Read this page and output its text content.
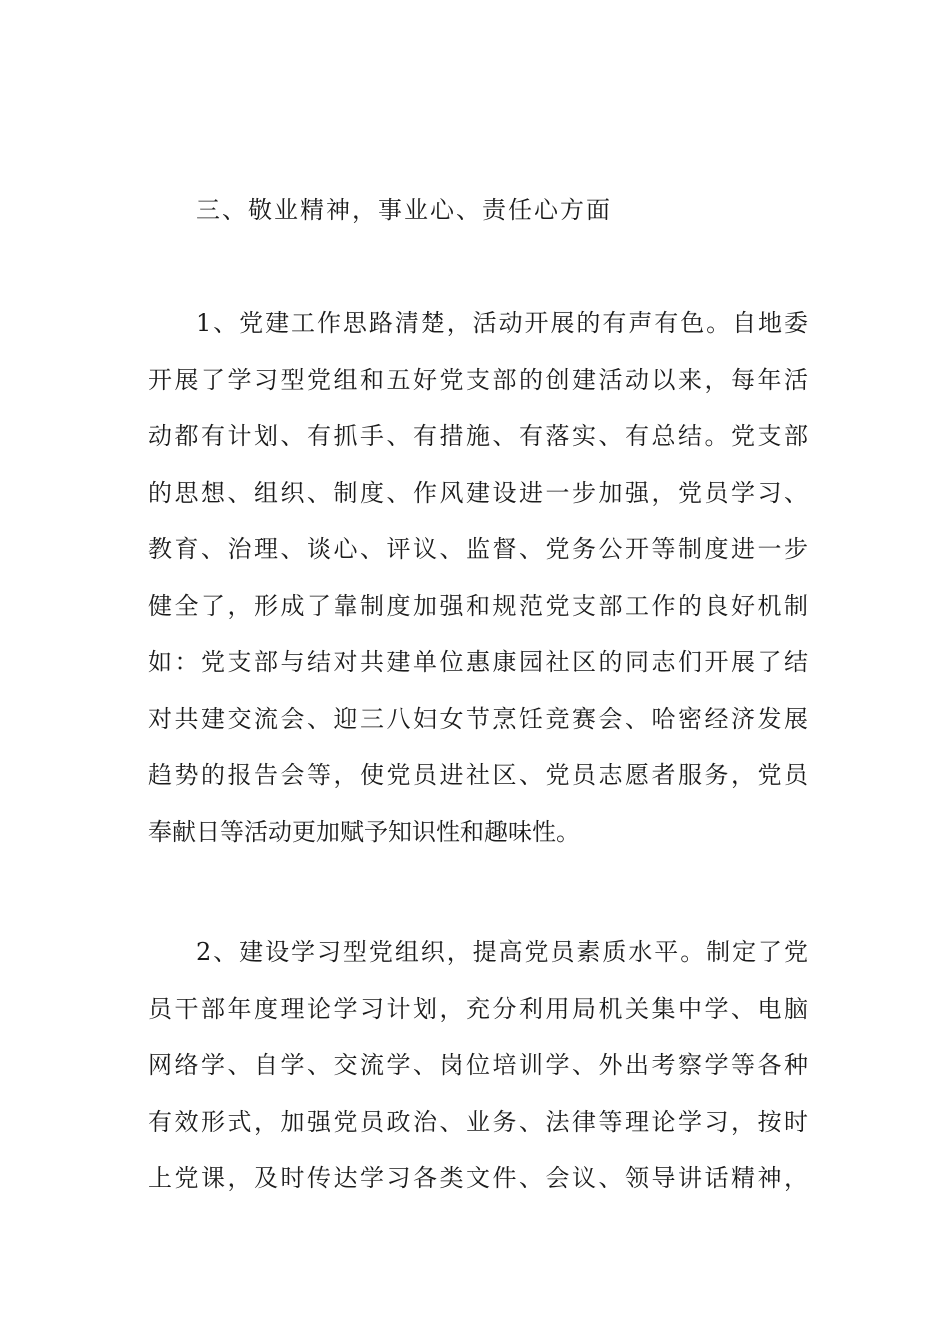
三、敬业精神，事业心、责任心方面
1、党建工作思路清楚，活动开展的有声有色。自地委
开展了学习型党组和五好党支部的创建活动以来，每年活
动都有计划、有抓手、有措施、有落实、有总结。党支部
的思想、组织、制度、作风建设进一步加强，党员学习、
教育、治理、谈心、评议、监督、党务公开等制度进一步
健全了，形成了靠制度加强和规范党支部工作的良好机制
如：党支部与结对共建单位惠康园社区的同志们开展了结
对共建交流会、迎三八妇女节烹饪竞赛会、哈密经济发展
趋势的报告会等，使党员进社区、党员志愿者服务，党员
奉献日等活动更加赋予知识性和趣味性。
2、建设学习型党组织，提高党员素质水平。制定了党
员干部年度理论学习计划，充分利用局机关集中学、电脑
网络学、自学、交流学、岗位培训学、外出考察学等各种
有效形式，加强党员政治、业务、法律等理论学习，按时
上党课，及时传达学习各类文件、会议、领导讲话精神，
